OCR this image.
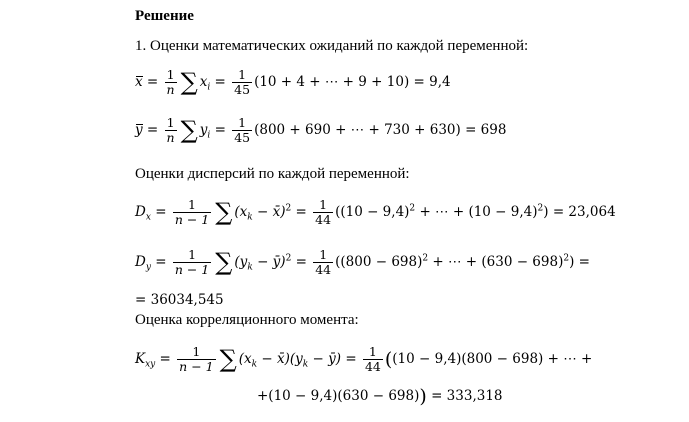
Решение
1. Оценки математических ожиданий по каждой переменной:
$x = \frac{1}{n}$ ∑ $x_i = \frac{1}{45} (10 + 4$ + ⋯ + 9 + 10) = 9,4
$y = \frac{1}{n}$ ∑ $y_i = \frac{1}{45} (800 + 690$ + ⋯ + 730 + 630) = 698
Оценки дисперсий по каждой переменной:
$D_x = \frac{1}{n - 1}$ ∑ ($x_k$ − x̄)$^2$ = $\frac{1}{44} ((10 - 9,4)^2$ + ⋯ + $(10 - 9,4)^2) = 23,064$
$D_y = \frac{1}{n - 1}$ ∑ ($y_k$ − ȳ)$^2$ = $\frac{1}{44} ((800 - 698)^2$ + ⋯ + $(630 - 698)^2$) =
= 36034,545
Оценка корреляционного момента:
$K_{xy} = \frac{1}{n - 1}$ ∑ ($x_k$ − $x̄)(y_k$ − ȳ) = $\frac{1}{44} ((10 - 9,4)(800 - 698)$ + ⋯ +
+(10 − 9,4)(630 − 698)) = 333,318
